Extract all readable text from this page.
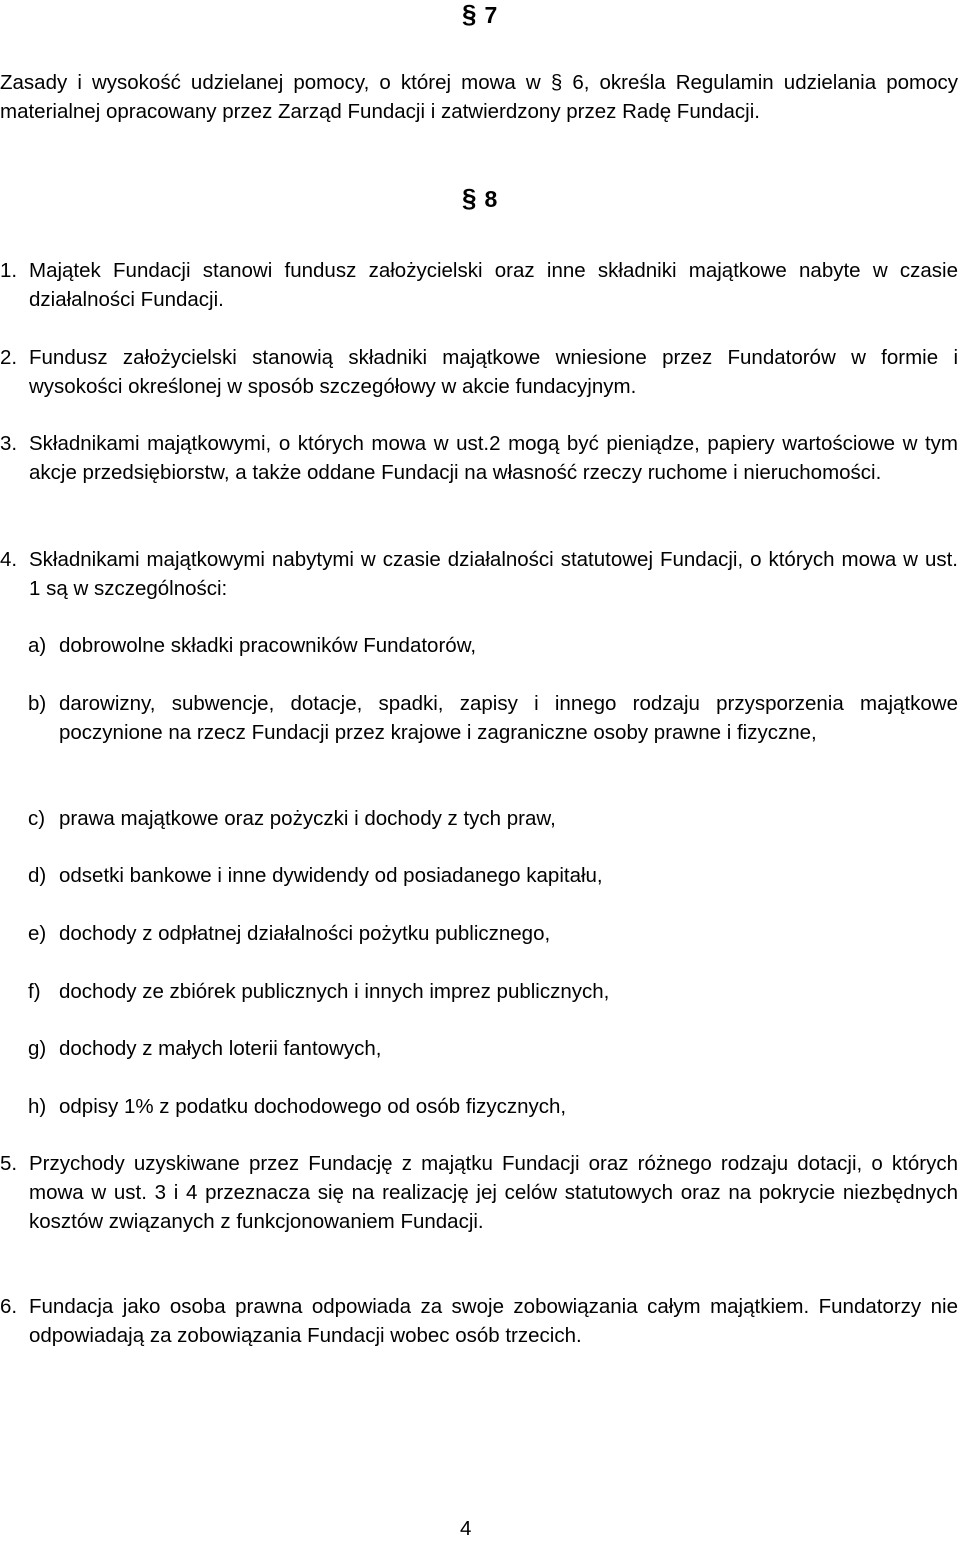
§ 7

Zasady i wysokość udzielanej pomocy, o której mowa w § 6, określa Regulamin udzielania pomocy materialnej opracowany przez Zarząd Fundacji i zatwierdzony przez Radę Fundacji.

§ 8
1. Majątek Fundacji stanowi fundusz założycielski oraz inne składniki majątkowe nabyte w czasie działalności Fundacji.
2. Fundusz założycielski stanowią składniki majątkowe wniesione przez Fundatorów w formie i wysokości określonej w sposób szczegółowy w akcie fundacyjnym.
3. Składnikami majątkowymi, o których mowa w ust.2 mogą być pieniądze, papiery wartościowe w tym akcje przedsiębiorstw, a także oddane Fundacji na własność rzeczy ruchome i nieruchomości.
4. Składnikami majątkowymi nabytymi w czasie działalności statutowej Fundacji, o których mowa w ust. 1 są w szczególności:
a) dobrowolne składki pracowników Fundatorów,
b) darowizny, subwencje, dotacje, spadki, zapisy i innego rodzaju przysporzenia majątkowe poczynione na rzecz Fundacji przez krajowe i zagraniczne osoby prawne i fizyczne,
c) prawa majątkowe oraz pożyczki i dochody z tych praw,
d) odsetki bankowe i inne dywidendy od posiadanego kapitału,
e) dochody z odpłatnej działalności pożytku publicznego,
f) dochody ze zbiórek publicznych i innych imprez publicznych,
g) dochody z małych loterii fantowych,
h) odpisy 1% z podatku dochodowego od osób fizycznych,
5. Przychody uzyskiwane przez Fundację z majątku Fundacji oraz różnego rodzaju dotacji, o których mowa w ust. 3 i 4 przeznacza się na realizację jej celów statutowych oraz na pokrycie niezbędnych kosztów związanych z funkcjonowaniem Fundacji.
6. Fundacja jako osoba prawna odpowiada za swoje zobowiązania całym majątkiem. Fundatorzy nie odpowiadają za zobowiązania Fundacji wobec osób trzecich.
4
